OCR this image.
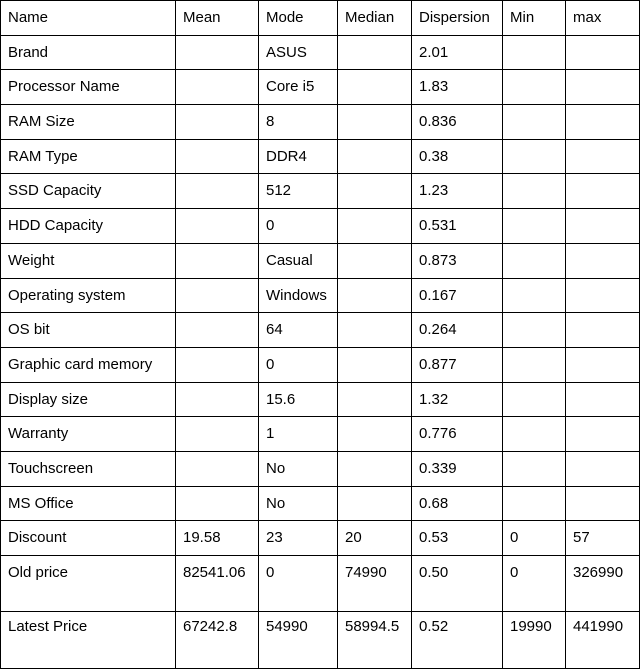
Name	Mean	Mode	Median	Dispersion	Min	max

Brand		ASUS		2.01		

Processor Name		Core i5		1.83		

RAM Size		8		0.836		

RAM Type		DDR4		0.38		

SSD Capacity		512		1.23		

HDD Capacity		0		0.531		

Weight		Casual		0.873		

Operating system		Windows		0.167		

OS bit		64		0.264		

Graphic card memory		0		0.877		

Display size		15.6		1.32		

Warranty		1		0.776		

Touchscreen		No		0.339		

MS Office		No		0.68		

Discount	19.58	23	20	0.53	0	57

Old price	82541.06	0	74990	0.50	0	326990

Latest Price	67242.8	54990	58994.5	0.52	19990	441990
